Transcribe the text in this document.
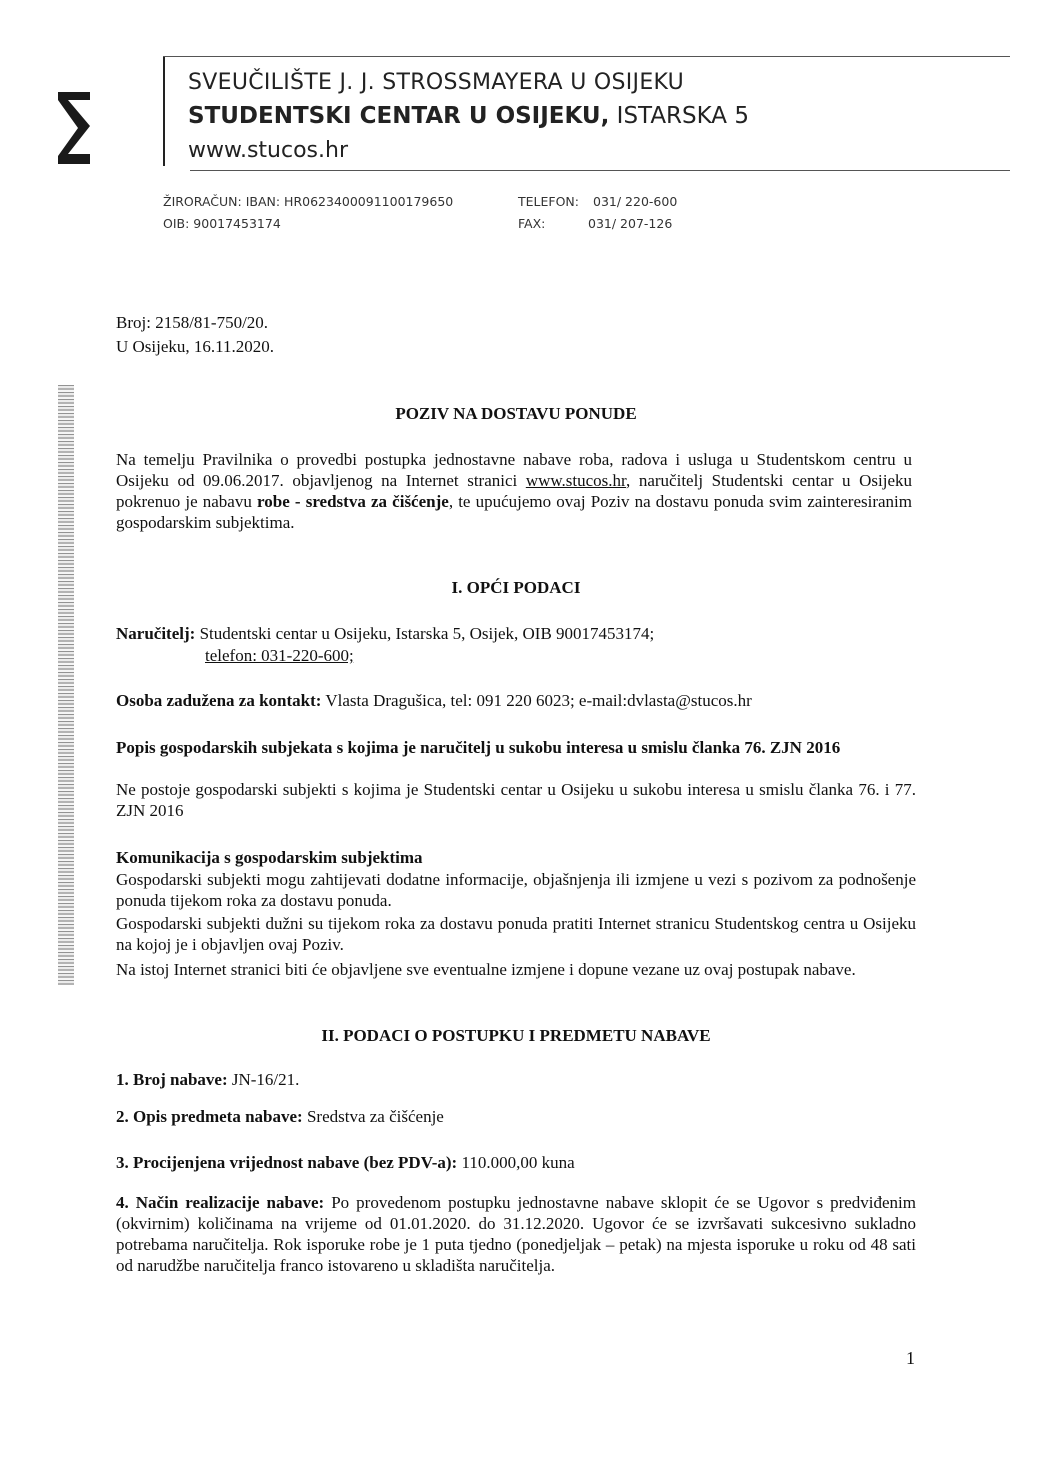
SVEUČILIŠTE J. J. STROSSMAYERA U OSIJEKU
STUDENTSKI CENTAR U OSIJEKU, ISTARSKA 5
www.stucos.hr
ŽIRORAČUN: IBAN: HR0623400091100179650
OIB: 90017453174
TELEFON: 031/ 220-600
FAX:	031/ 207-126
Broj: 2158/81-750/20.
U Osijeku, 16.11.2020.
POZIV NA DOSTAVU PONUDE
Na temelju Pravilnika o provedbi postupka jednostavne nabave roba, radova i usluga u Studentskom centru u Osijeku od 09.06.2017. objavljenog na Internet stranici www.stucos.hr, naručitelj Studentski centar u Osijeku pokrenuo je nabavu robe - sredstva za čišćenje, te upućujemo ovaj Poziv na dostavu ponuda svim zainteresiranim gospodarskim subjektima.
I. OPĆI PODACI
Naručitelj: Studentski centar u Osijeku, Istarska 5, Osijek, OIB 90017453174;
telefon: 031-220-600;
Osoba zadužena za kontakt: Vlasta Dragušica, tel: 091 220 6023; e-mail:dvlasta@stucos.hr
Popis gospodarskih subjekata s kojima je naručitelj u sukobu interesa u smislu članka 76. ZJN 2016
Ne postoje gospodarski subjekti s kojima je Studentski centar u Osijeku u sukobu interesa u smislu članka 76. i 77. ZJN 2016
Komunikacija s gospodarskim subjektima
Gospodarski subjekti mogu zahtijevati dodatne informacije, objašnjenja ili izmjene u vezi s pozivom za podnošenje ponuda tijekom roka za dostavu ponuda.
Gospodarski subjekti dužni su tijekom roka za dostavu ponuda pratiti Internet stranicu Studentskog centra u Osijeku na kojoj je i objavljen ovaj Poziv.
Na istoj Internet stranici biti će objavljene sve eventualne izmjene i dopune vezane uz ovaj postupak nabave.
II. PODACI O POSTUPKU I PREDMETU NABAVE
1. Broj nabave: JN-16/21.
2. Opis predmeta nabave: Sredstva za čišćenje
3. Procijenjena vrijednost nabave (bez PDV-a): 110.000,00 kuna
4. Način realizacije nabave: Po provedenom postupku jednostavne nabave sklopit će se Ugovor s predviđenim (okvirnim) količinama na vrijeme od 01.01.2020. do 31.12.2020. Ugovor će se izvršavati sukcesivno sukladno potrebama naručitelja. Rok isporuke robe je 1 puta tjedno (ponedjeljak – petak) na mjesta isporuke u roku od 48 sati od narudžbe naručitelja franco istovareno u skladišta naručitelja.
1
